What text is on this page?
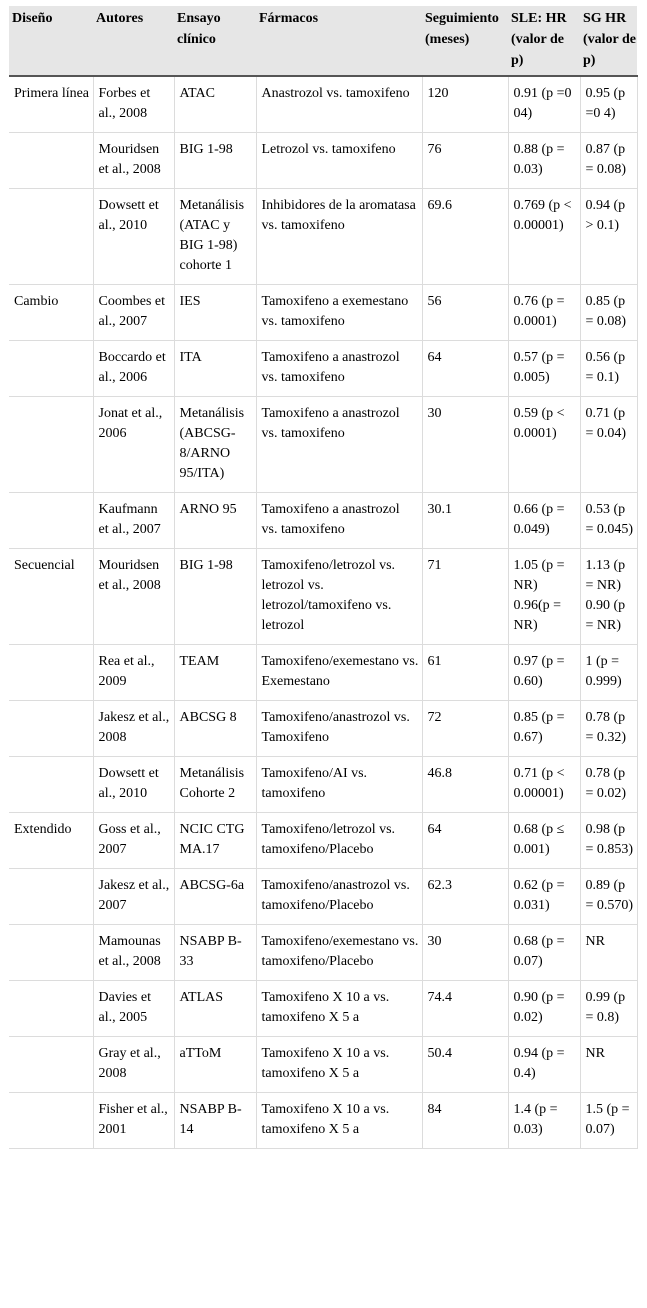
Diseño	Autores	Ensayo clínico	Fármacos	Seguimiento (meses)	SLE: HR (valor de p)	SG HR (valor de p)
Primera línea	Forbes et al., 2008	ATAC	Anastrozol vs. tamoxifeno	120	0.91 (p =0 04)	0.95 (p =0 4)
	Mouridsen et al., 2008	BIG 1-98	Letrozol vs. tamoxifeno	76	0.88 (p = 0.03)	0.87 (p = 0.08)
	Dowsett et al., 2010	Metanálisis (ATAC y BIG 1-98) cohorte 1	Inhibidores de la aromatasa vs. tamoxifeno	69.6	0.769 (p < 0.00001)	0.94 (p > 0.1)
Cambio	Coombes et al., 2007	IES	Tamoxifeno a exemestano vs. tamoxifeno	56	0.76 (p = 0.0001)	0.85 (p = 0.08)
	Boccardo et al., 2006	ITA	Tamoxifeno a anastrozol vs. tamoxifeno	64	0.57 (p = 0.005)	0.56 (p = 0.1)
	Jonat et al., 2006	Metanálisis (ABCSG-8/ARNO 95/ITA)	Tamoxifeno a anastrozol vs. tamoxifeno	30	0.59 (p < 0.0001)	0.71 (p = 0.04)
	Kaufmann et al., 2007	ARNO 95	Tamoxifeno a anastrozol vs. tamoxifeno	30.1	0.66 (p = 0.049)	0.53 (p = 0.045)
Secuencial	Mouridsen et al., 2008	BIG 1-98	Tamoxifeno/letrozol vs. letrozol vs. letrozol/tamoxifeno vs. letrozol	71	1.05 (p = NR) 0.96(p = NR)	1.13 (p = NR) 0.90 (p = NR)
	Rea et al., 2009	TEAM	Tamoxifeno/exemestano vs. Exemestano	61	0.97 (p = 0.60)	1 (p = 0.999)
	Jakesz et al., 2008	ABCSG 8	Tamoxifeno/anastrozol vs. Tamoxifeno	72	0.85 (p = 0.67)	0.78 (p = 0.32)
	Dowsett et al., 2010	Metanálisis Cohorte 2	Tamoxifeno/AI vs. tamoxifeno	46.8	0.71 (p < 0.00001)	0.78 (p = 0.02)
Extendido	Goss et al., 2007	NCIC CTG MA.17	Tamoxifeno/letrozol vs. tamoxifeno/Placebo	64	0.68 (p ≤ 0.001)	0.98 (p = 0.853)
	Jakesz et al., 2007	ABCSG-6a	Tamoxifeno/anastrozol vs. tamoxifeno/Placebo	62.3	0.62 (p = 0.031)	0.89 (p = 0.570)
	Mamounas et al., 2008	NSABP B-33	Tamoxifeno/exemestano vs. tamoxifeno/Placebo	30	0.68 (p = 0.07)	NR
	Davies et al., 2005	ATLAS	Tamoxifeno X 10 a vs. tamoxifeno X 5 a	74.4	0.90 (p = 0.02)	0.99 (p = 0.8)
	Gray et al., 2008	aTToM	Tamoxifeno X 10 a vs. tamoxifeno X 5 a	50.4	0.94 (p = 0.4)	NR
	Fisher et al., 2001	NSABP B-14	Tamoxifeno X 10 a vs. tamoxifeno X 5 a	84	1.4 (p = 0.03)	1.5 (p = 0.07)
